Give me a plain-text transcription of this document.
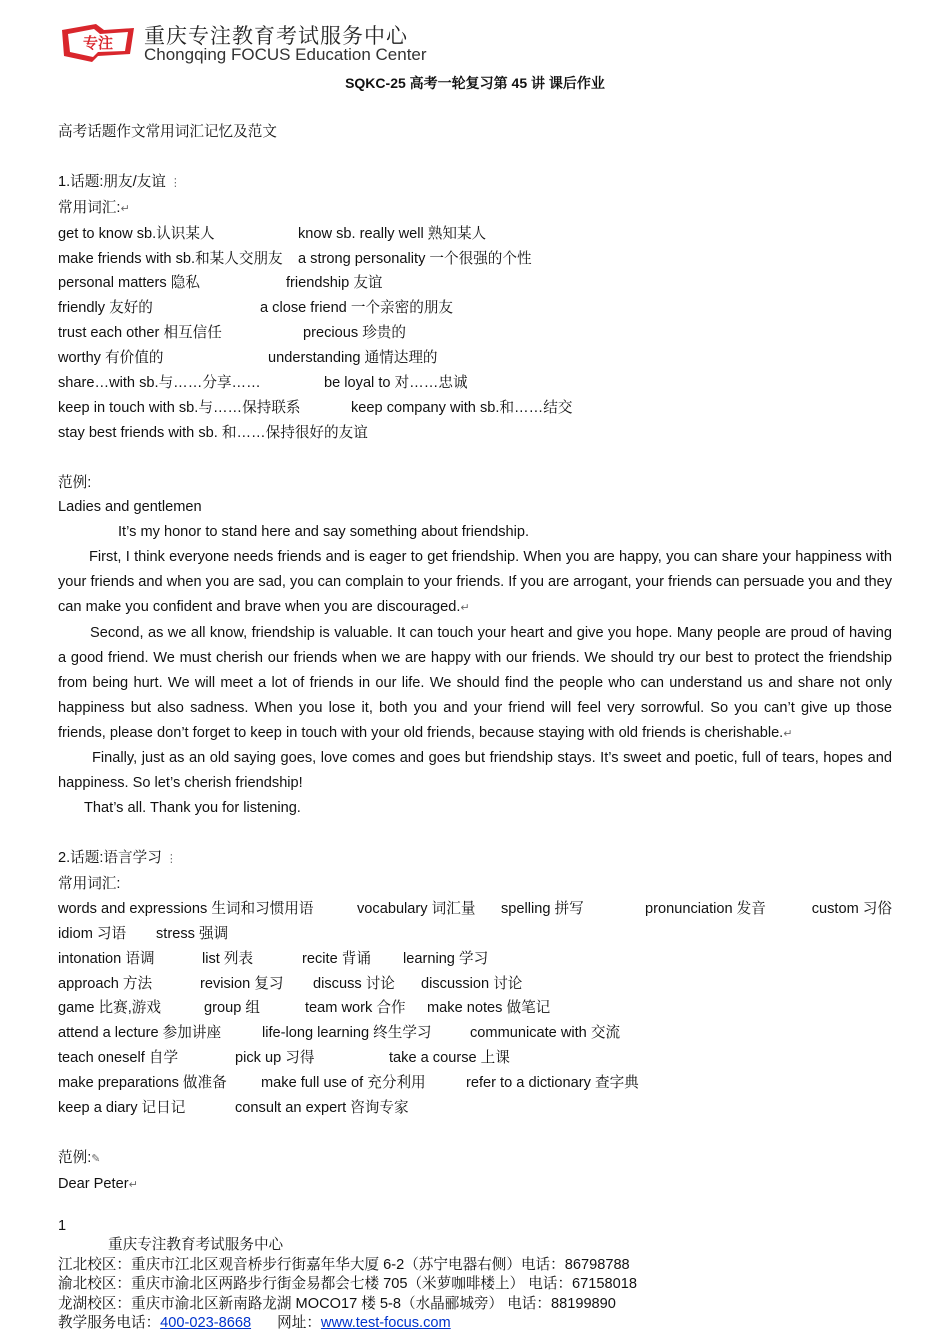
专注 重庆专注教育考试服务中心
Chongqing FOCUS Education Center
SQKC-25 高考一轮复习第 45 讲 课后作业
高考话题作文常用词汇记忆及范文
1.话题:朋友/友谊 ⋮
常用词汇:↵
get to know sb.认识某人	know sb. really well 熟知某人
make friends with sb.和某人交朋友 a strong personality 一个很强的个性
personal matters 隐私	friendship 友谊
friendly 友好的	a close friend 一个亲密的朋友
trust each other 相互信任	precious 珍贵的
worthy 有价值的	understanding 通情达理的
share…with sb.与……分享……	be loyal to 对……忠诚
keep in touch with sb.与……保持联系	keep company with sb.和……结交
stay best friends with sb. 和……保持很好的友谊
范例:
Ladies and gentlemen
It’s my honor to stand here and say something about friendship.
First, I think everyone needs friends and is eager to get friendship. When you are happy, you can share your happiness with your friends and when you are sad, you can complain to your friends. If you are arrogant, your friends can persuade you and they can make you confident and brave when you are discouraged.↵
Second, as we all know, friendship is valuable. It can touch your heart and give you hope. Many people are proud of having a good friend. We must cherish our friends when we are happy with our friends. We should try our best to protect the friendship from being hurt. We will meet a lot of friends in our life. We should find the people who can understand us and share not only happiness but also sadness. When you lose it, both you and your friend will feel very sorrowful. So you can’t give up those friends, please don’t forget to keep in touch with your old friends, because staying with old friends is cherishable.↵
Finally, just as an old saying goes, love comes and goes but friendship stays. It’s sweet and poetic, full of tears, hopes and happiness. So let’s cherish friendship!
That’s all. Thank you for listening.
2.话题:语言学习 ⋮
常用词汇:
words and expressions 生词和习惯用语	vocabulary 词汇量 spelling 拼写	pronunciation 发音	custom 习俗
idiom 习语 stress 强调
intonation 语调	list 列表	recite 背诵 learning 学习
approach 方法	revision 复习 discuss 讨论 discussion 讨论
game 比赛,游戏	group 组	team work 合作 make notes 做笔记
attend a lecture 参加讲座	life-long learning 终生学习	communicate with 交流
teach oneself 自学	pick up 习得	take a course 上课
make preparations 做准备 make full use of 充分利用	refer to a dictionary 查字典
keep a diary 记日记	consult an expert 咨询专家
范例:✎
Dear Peter↵
1
重庆专注教育考试服务中心
江北校区：重庆市江北区观音桥步行街嘉年华大厦 6-2（苏宁电器右侧）电话：86798788
渝北校区：重庆市渝北区两路步行街金易都会七楼 705（米萝咖啡楼上） 电话：67158018
龙湖校区：重庆市渝北区新南路龙湖 MOCO17 楼 5-8（水晶郦城旁） 电话：88199890
教学服务电话：400-023-8668 网址：www.test-focus.com
